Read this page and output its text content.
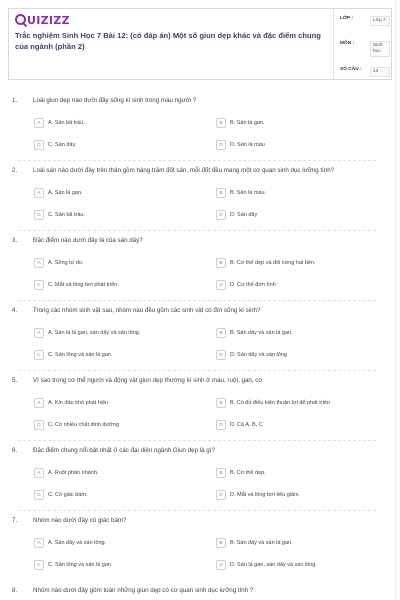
UIZIZZ
Trắc nghiệm Sinh Học 7 Bài 12: (có đáp án) Một số giun dẹp khác và đặc điểm chung của ngành (phần 2)
LỚP :	Lớp 7
MÔN :	Sinh học
SỐ CÂU :	13
1.	Loài giun dẹp nào dưới đây sống kí sinh trong máu người ?
A	A. Sán bã trầu.	B	B. Sán lá gan.
C	C. Sán dây.	D	D. Sán lá máu
2.	Loài sán nào dưới đây trên thân gồm hàng trăm đốt sán, mỗi đốt đều mang một cơ quan sinh dục lưỡng tính?
A	A. Sán lá gan.	B	B. Sán lá máu.
C	C. Sán bã trầu.	D	D. Sán dây
3.	Đặc điểm nào dưới đây là của sán dây?
A	A. Sống tự do.	B	B. Cơ thể dẹp và đối xứng hai bên.
C	C. Mắt và lông bơi phát triển.	D	D. Cơ thể đơn tính
4.	Trong các nhóm sinh vật sau, nhóm nào đều gồm các sinh vật có đời sống kí sinh?
A	A. Sán lá lá gan, sán dây và sán lông.	B	B. Sán dây và sán lá gan.
C	C. Sán lông và sán lá gan.	D	D. Sán dây và sán lông
5.	Vì sao trong cơ thể người và động vật giun dẹp thường kí sinh ở máu, ruột, gan, cơ
A	A. Kín đáo khó phát hiện	B	B. Có đủ điều kiện thuận lợi để phát triển
C	C. Có nhiều chất dinh dưỡng	D	D. Cả A, B, C
6.	Đặc điểm chung nổi bật nhất ở các đại diện ngành Giun dẹp là gì?
A	A. Ruột phân nhánh.	B	B. Cơ thể dẹp.
C	C. Có giác bám.	D	D. Mắt và lông bơi tiêu giảm
7.	Nhóm nào dưới đây có giác bám?
A	A. Sán dây và sán lông.	B	B. Sán dây và sán lá gan.
C	C. Sán lông và sán lá gan.	D	D. Sán lá gan, sán dây và sán lông.
8.	Nhóm nào dưới đây gồm toàn những giun dẹp có cơ quan sinh dục lưỡng tính ?
